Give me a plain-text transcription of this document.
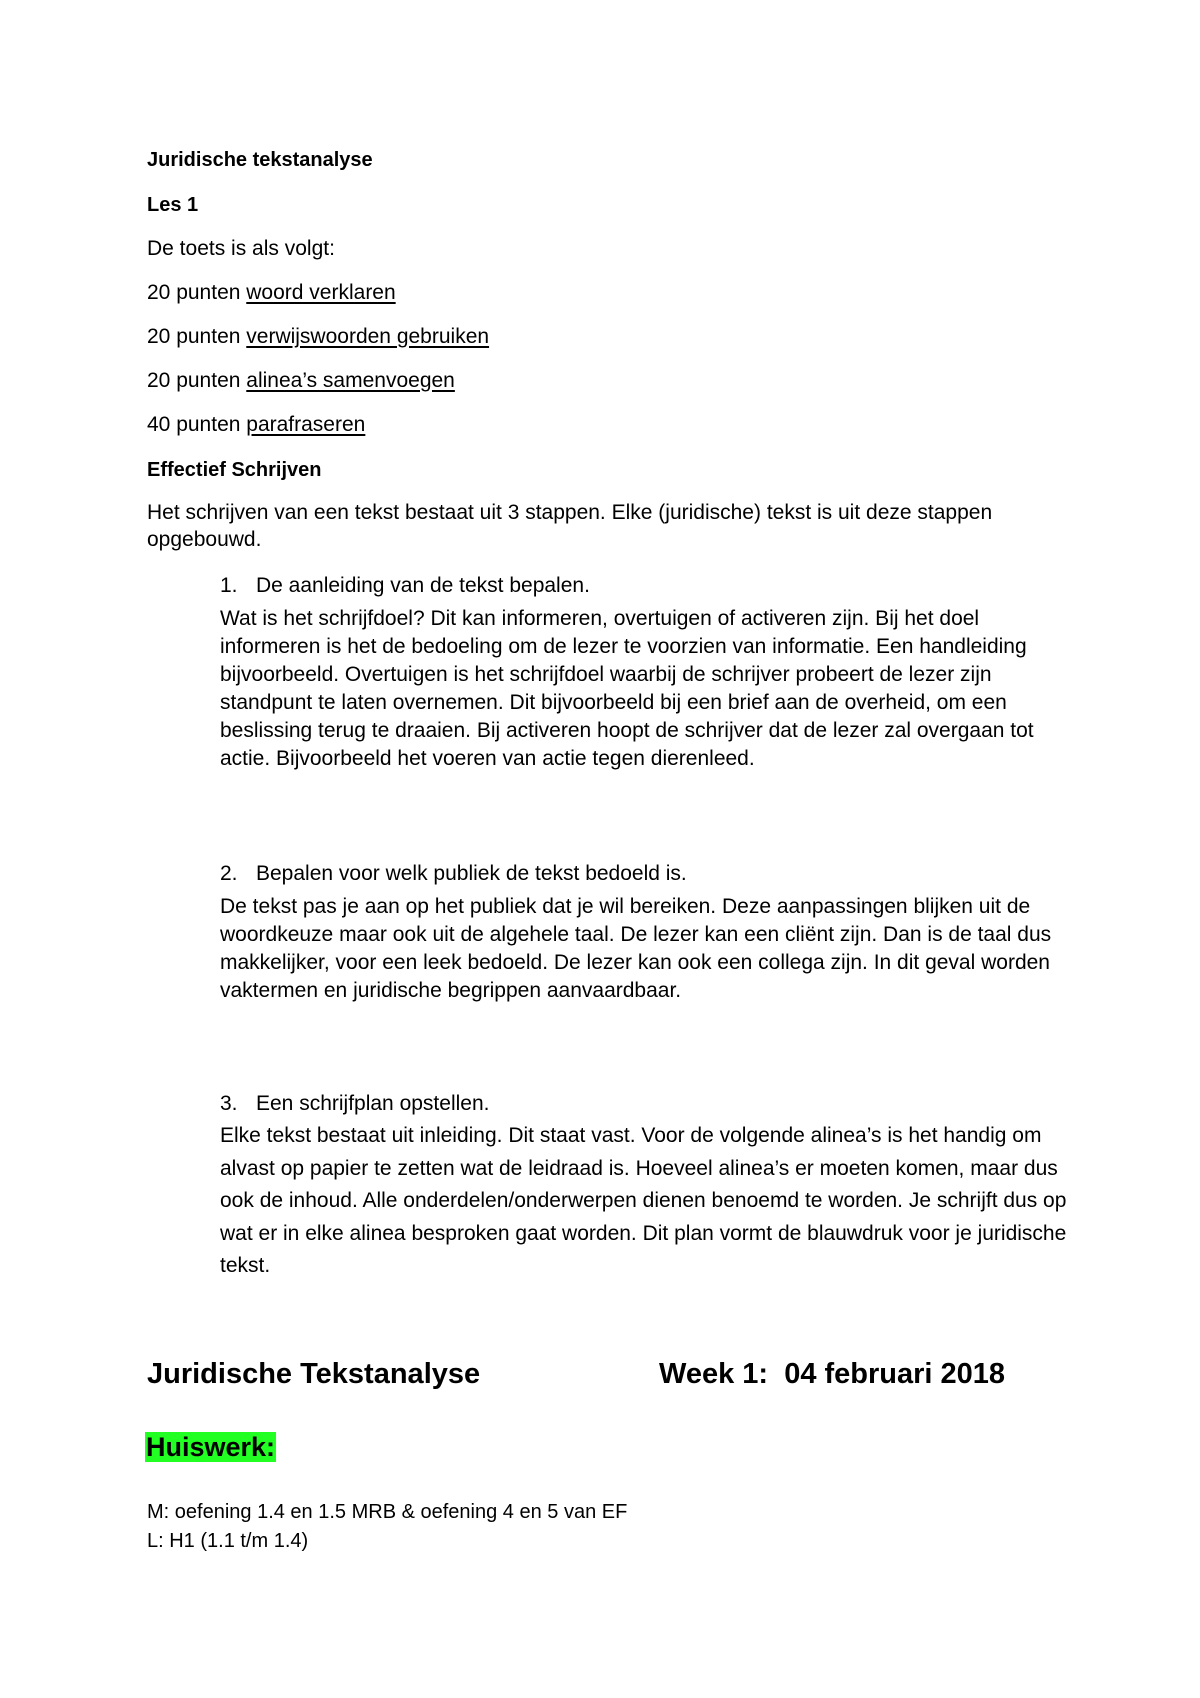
Juridische tekstanalyse
Les 1
De toets is als volgt:
20 punten woord verklaren
20 punten verwijswoorden gebruiken
20 punten alinea’s samenvoegen
40 punten parafraseren
Effectief Schrijven

Het schrijven van een tekst bestaat uit 3 stappen. Elke (juridische) tekst is uit deze stappen opgebouwd.

1. De aanleiding van de tekst bepalen.

Wat is het schrijfdoel? Dit kan informeren, overtuigen of activeren zijn. Bij het doel informeren is het de bedoeling om de lezer te voorzien van informatie. Een handleiding bijvoorbeeld. Overtuigen is het schrijfdoel waarbij de schrijver probeert de lezer zijn standpunt te laten overnemen. Dit bijvoorbeeld bij een brief aan de overheid, om een beslissing terug te draaien. Bij activeren hoopt de schrijver dat de lezer zal overgaan tot actie. Bijvoorbeeld het voeren van actie tegen dierenleed.

2. Bepalen voor welk publiek de tekst bedoeld is.

De tekst pas je aan op het publiek dat je wil bereiken. Deze aanpassingen blijken uit de woordkeuze maar ook uit de algehele taal. De lezer kan een cliënt zijn. Dan is de taal dus makkelijker, voor een leek bedoeld. De lezer kan ook een collega zijn. In dit geval worden vaktermen en juridische begrippen aanvaardbaar.

3. Een schrijfplan opstellen.

Elke tekst bestaat uit inleiding. Dit staat vast. Voor de volgende alinea’s is het handig om alvast op papier te zetten wat de leidraad is. Hoeveel alinea’s er moeten komen, maar dus ook de inhoud. Alle onderdelen/onderwerpen dienen benoemd te worden. Je schrijft dus op wat er in elke alinea besproken gaat worden. Dit plan vormt de blauwdruk voor je juridische tekst.

Juridische Tekstanalyse	Week 1:  04 februari 2018
Huiswerk:
M: oefening 1.4 en 1.5 MRB & oefening 4 en 5 van EF
L: H1 (1.1 t/m 1.4)
